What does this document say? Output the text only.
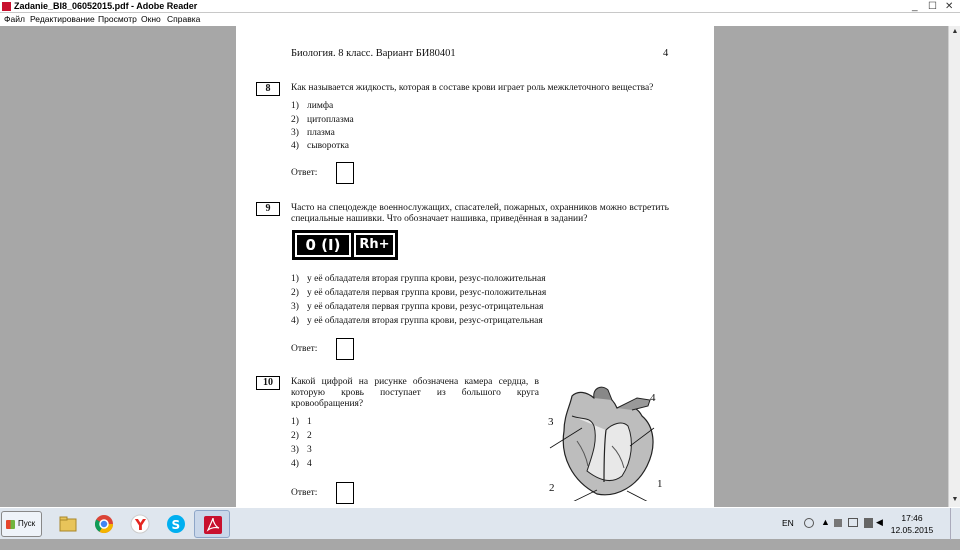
Zadanie_BI8_06052015.pdf - Adobe Reader	_ ☐ ✕
Файл Редактирование Просмотр Окно Справка
▲
▼
Биология. 8 класс. Вариант БИ80401	4
8	Как называется жидкость, которая в составе крови играет роль межклеточного вещества?
1) лимфа
2) цитоплазма
3) плазма
4) сыворотка
Ответ:
9	Часто на спецодежде военнослужащих, спасателей, пожарных, охранников можно встретить специальные нашивки. Что обозначает нашивка, приведённая в задании?
0 (I)	Rh+
1) у её обладателя вторая группа крови, резус-положительная
2) у её обладателя первая группа крови, резус-положительная
3) у её обладателя первая группа крови, резус-отрицательная
4) у её обладателя вторая группа крови, резус-отрицательная
Ответ:
10	Какой цифрой на рисунке обозначена камера сердца, в которую кровь поступает из большого круга кровообращения?
1) 1
2) 2
3) 3
4) 4
Ответ:
3
4
2	1
Пуск	Y S	EN	▲	◀	17:46
12.05.2015
